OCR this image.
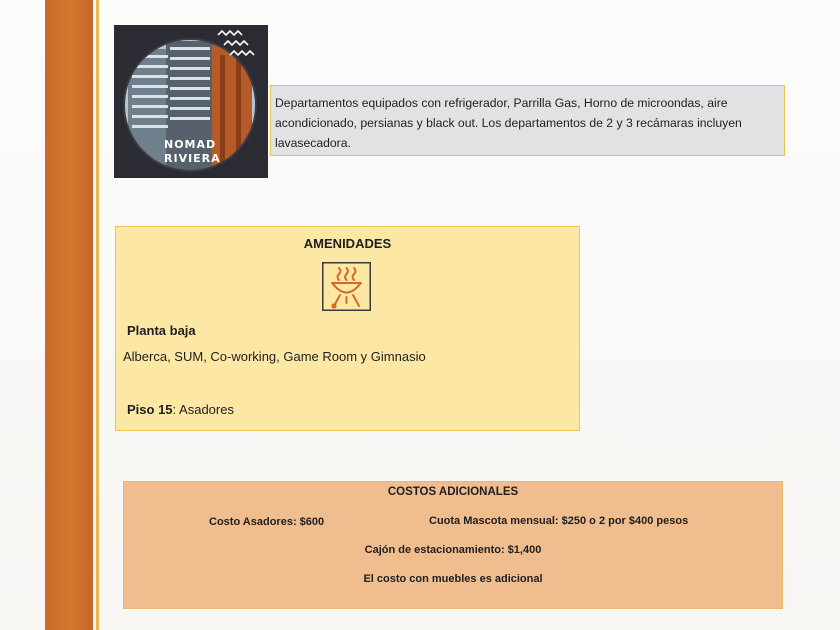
NOMAD
RIVIERA
Departamentos equipados con refrigerador, Parrilla Gas, Horno de microondas, aire acondicionado, persianas y black out. Los departamentos de 2 y 3 recámaras incluyen lavasecadora.
AMENIDADES
Planta baja
Alberca, SUM, Co-working, Game Room y Gimnasio
Piso 15: Asadores
COSTOS ADICIONALES
Costo Asadores: $600	Cuota Mascota mensual: $250 o 2 por $400 pesos
Cajón de estacionamiento: $1,400
El costo con muebles es adicional
